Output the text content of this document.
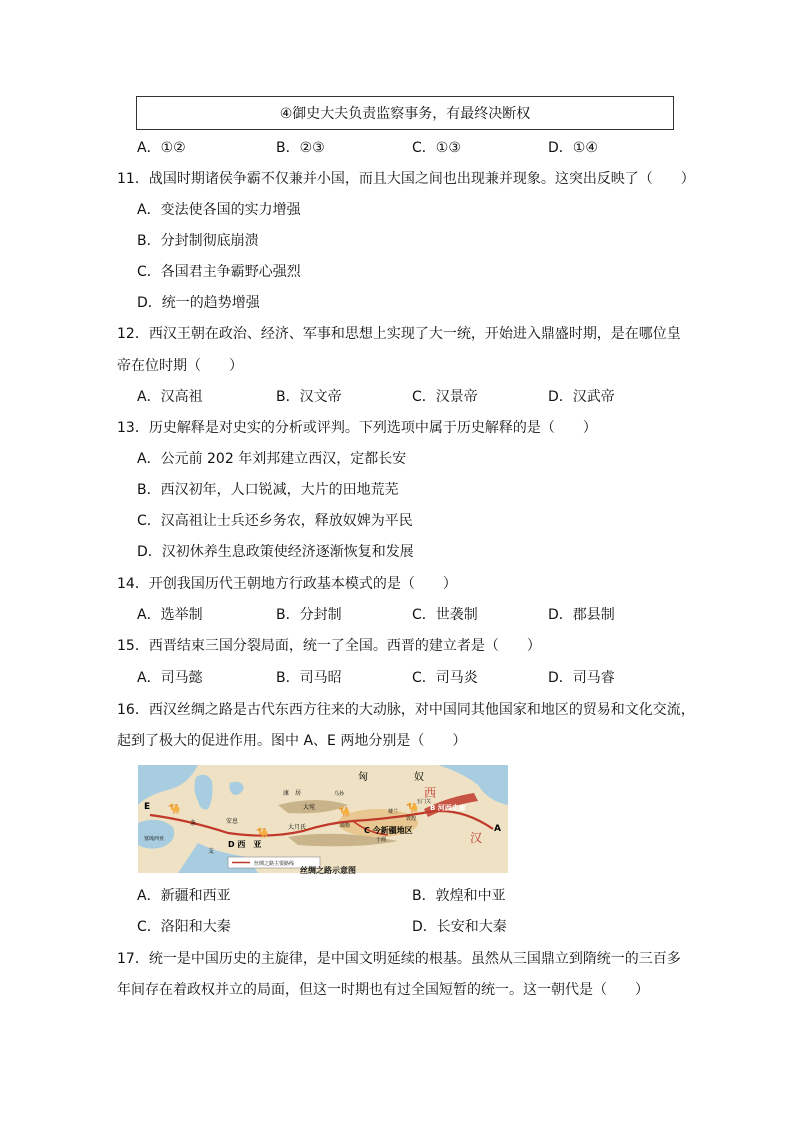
④御史大夫负责监察事务，有最终决断权
A．①②	B．②③	C．①③	D．①④
11．战国时期诸侯争霸不仅兼并小国，而且大国之间也出现兼并现象。这突出反映了（　　）
A．变法使各国的实力增强
B．分封制彻底崩溃
C．各国君主争霸野心强烈
D．统一的趋势增强
12．西汉王朝在政治、经济、军事和思想上实现了大一统，开始进入鼎盛时期，是在哪位皇
帝在位时期（　　）
A．汉高祖	B．汉文帝	C．汉景帝	D．汉武帝
13．历史解释是对史实的分析或评判。下列选项中属于历史解释的是（　　）
A．公元前 202 年刘邦建立西汉，定都长安
B．西汉初年，人口锐减，大片的田地荒芜
C．汉高祖让士兵还乡务农，释放奴婢为平民
D．汉初休养生息政策使经济逐渐恢复和发展
14．开创我国历代王朝地方行政基本模式的是（　　）
A．选举制	B．分封制	C．世袭制	D．郡县制
15．西晋结束三国分裂局面，统一了全国。西晋的建立者是（　　）
A．司马懿	B．司马昭	C．司马炎	D．司马睿
16．西汉丝绸之路是古代东西方往来的大动脉，对中国同其他国家和地区的贸易和文化交流，
起到了极大的促进作用。图中 A、E 两地分别是（　　）
🐪
🐪
🐪	🐪
匈	奴
西
汉
B 河西走廊
C 今新疆地区
D 西　亚
A
E
康　居
大宛
大月氏
条	安息
支
塞琉西亚
玉门关
楼兰
敦煌
疏勒
于阗
乌孙
丝绸之路主要路线
丝绸之路示意图
A．新疆和西亚	B．敦煌和中亚
C．洛阳和大秦	D．长安和大秦
17．统一是中国历史的主旋律，是中国文明延续的根基。虽然从三国鼎立到隋统一的三百多
年间存在着政权并立的局面，但这一时期也有过全国短暂的统一。这一朝代是（　　）
